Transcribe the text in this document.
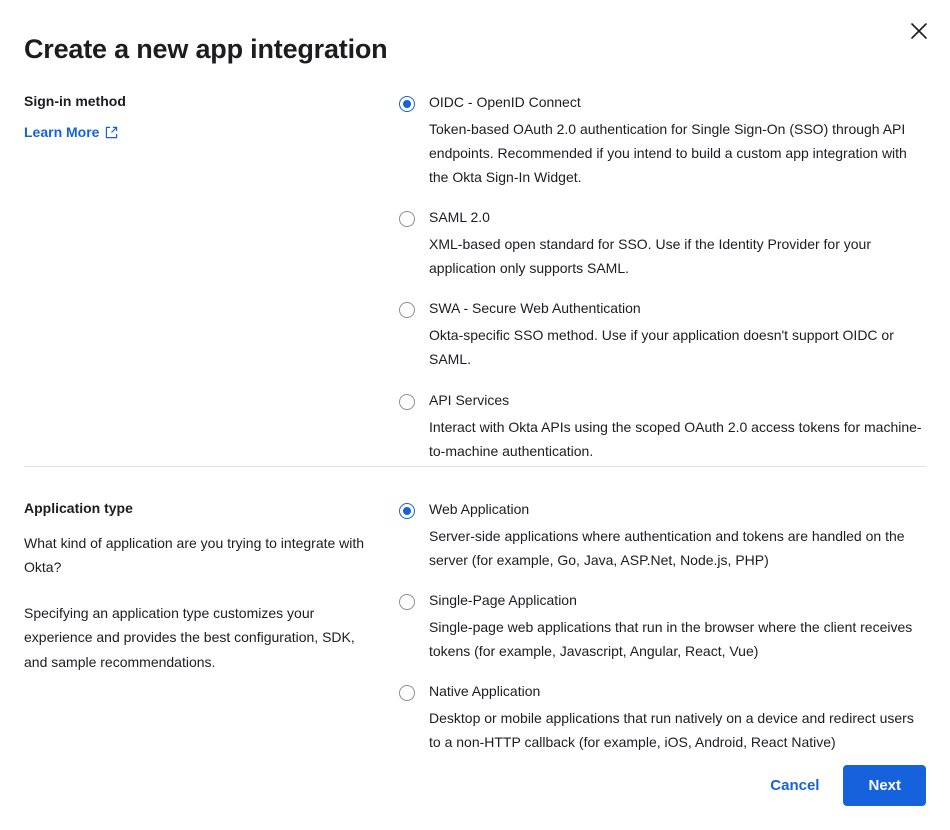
Create a new app integration
Sign-in method
Learn More
OIDC - OpenID Connect
Token-based OAuth 2.0 authentication for Single Sign-On (SSO) through API endpoints. Recommended if you intend to build a custom app integration with the Okta Sign-In Widget.
SAML 2.0
XML-based open standard for SSO. Use if the Identity Provider for your application only supports SAML.
SWA - Secure Web Authentication
Okta-specific SSO method. Use if your application doesn't support OIDC or SAML.
API Services
Interact with Okta APIs using the scoped OAuth 2.0 access tokens for machine-to-machine authentication.
Application type

What kind of application are you trying to integrate with Okta?

Specifying an application type customizes your experience and provides the best configuration, SDK, and sample recommendations.

Web Application
Server-side applications where authentication and tokens are handled on the server (for example, Go, Java, ASP.Net, Node.js, PHP)
Single-Page Application
Single-page web applications that run in the browser where the client receives tokens (for example, Javascript, Angular, React, Vue)
Native Application
Desktop or mobile applications that run natively on a device and redirect users to a non-HTTP callback (for example, iOS, Android, React Native)
Cancel	Next
